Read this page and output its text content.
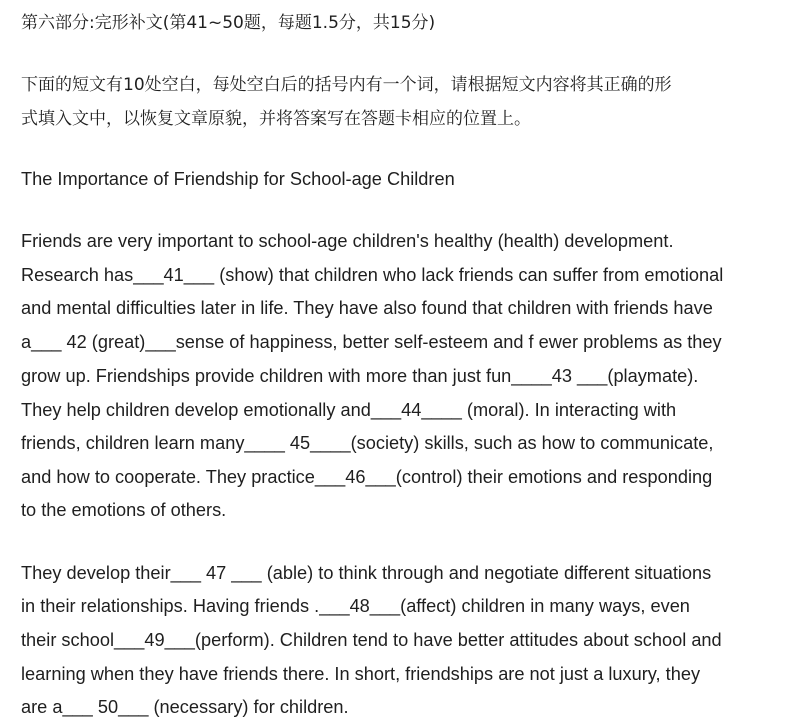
第六部分:完形补文(第41~50题，每题1.5分，共15分)
下面的短文有10处空白，每处空白后的括号内有一个词，请根据短文内容将其正确的形
式填入文中，以恢复文章原貌，并将答案写在答题卡相应的位置上。
The Importance of Friendship for School-age Children
Friends are very important to school-age children's healthy (health) development.
Research has___41___ (show) that children who lack friends can suffer from emotional
and mental difficulties later in life. They have also found that children with friends have
a___ 42 (great)___sense of happiness, better self-esteem and f ewer problems as they
grow up. Friendships provide children with more than just fun____43 ___(playmate).
They help children develop emotionally and___44____ (moral). In interacting with
friends, children learn many____ 45____(society) skills, such as how to communicate,
and how to cooperate. They practice___46___(control) their emotions and responding
to the emotions of others.
They develop their___ 47 ___ (able) to think through and negotiate different situations
in their relationships. Having friends .___48___(affect) children in many ways, even
their school___49___(perform). Children tend to have better attitudes about school and
learning when they have friends there. In short, friendships are not just a luxury, they
are a___ 50___ (necessary) for children.
